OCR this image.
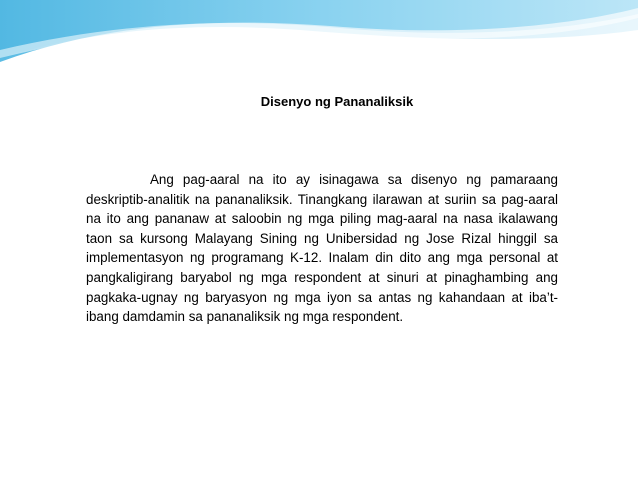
Disenyo ng Pananaliksik

Ang pag-aaral na ito ay isinagawa sa disenyo ng pamaraang deskriptib-analitik na pananaliksik. Tinangkang ilarawan at suriin sa pag-aaral na ito ang pananaw at saloobin ng mga piling mag-aaral na nasa ikalawang taon sa kursong Malayang Sining ng Unibersidad ng Jose Rizal hinggil sa implementasyon ng programang K-12. Inalam din dito ang mga personal at pangkaligirang baryabol ng mga respondent at sinuri at pinaghambing ang pagkaka-ugnay ng baryasyon ng mga iyon sa antas ng kahandaan at iba’t-ibang damdamin sa pananaliksik ng mga respondent.
